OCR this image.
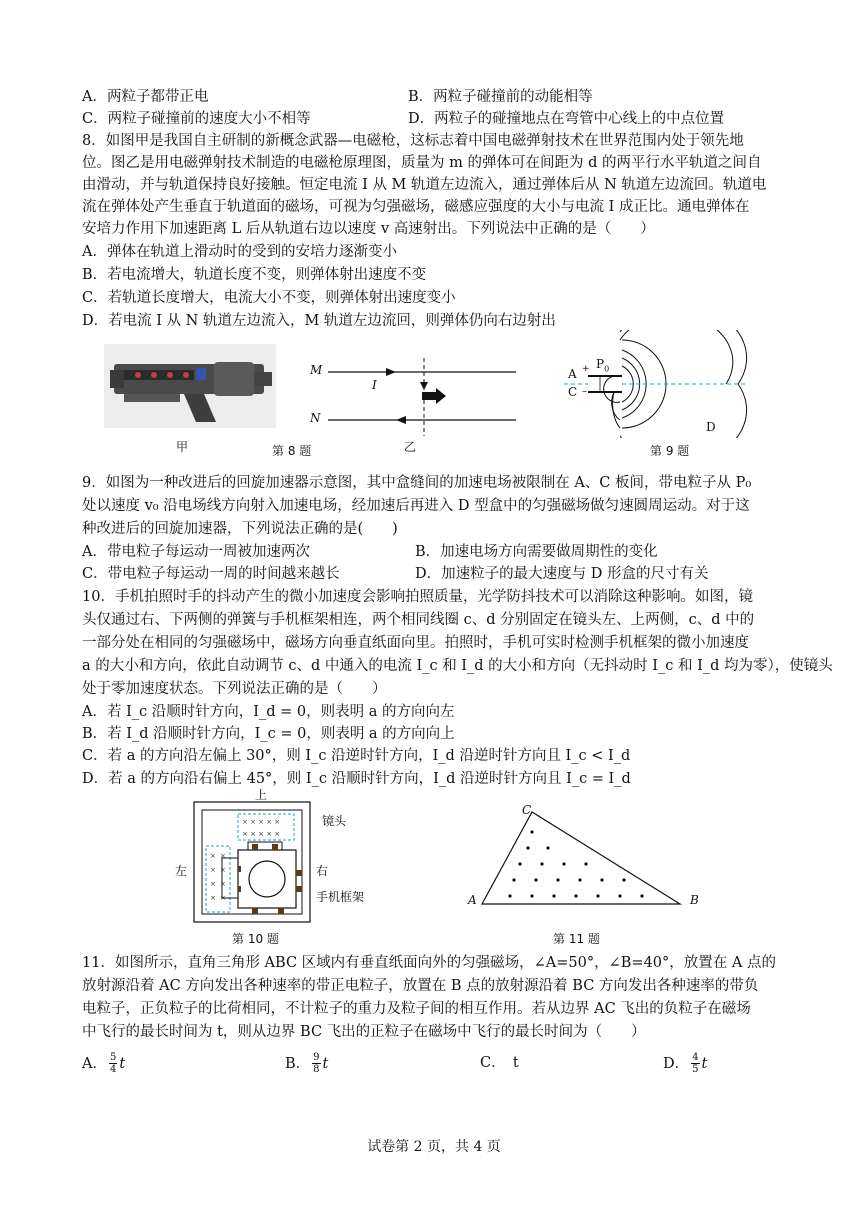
A．两粒子都带正电	B．两粒子碰撞前的动能相等
C．两粒子碰撞前的速度大小不相等	D．两粒子的碰撞地点在弯管中心线上的中点位置
8．如图甲是我国自主研制的新概念武器—电磁枪，这标志着中国电磁弹射技术在世界范围内处于领先地
位。图乙是用电磁弹射技术制造的电磁枪原理图，质量为 m 的弹体可在间距为 d 的两平行水平轨道之间自
由滑动，并与轨道保持良好接触。恒定电流 I 从 M 轨道左边流入，通过弹体后从 N 轨道左边流回。轨道电
流在弹体处产生垂直于轨道面的磁场，可视为匀强磁场，磁感应强度的大小与电流 I 成正比。通电弹体在
安培力作用下加速距离 L 后从轨道右边以速度 v 高速射出。下列说法中正确的是（　　）
A．弹体在轨道上滑动时的受到的安培力逐渐变小
B．若电流增大，轨道长度不变，则弹体射出速度不变
C．若轨道长度增大，电流大小不变，则弹体射出速度变小
D．若电流 I 从 N 轨道左边流入，M 轨道左边流回，则弹体仍向右边射出
甲	第 8 题
M
N
I
乙
A
C
+
–
$P_0$
D
第 9 题
9．如图为一种改进后的回旋加速器示意图，其中盒缝间的加速电场被限制在 A、C 板间，带电粒子从 P₀
处以速度 v₀ 沿电场线方向射入加速电场，经加速后再进入 D 型盒中的匀强磁场做匀速圆周运动。对于这
种改进后的回旋加速器，下列说法正确的是(　　)
A．带电粒子每运动一周被加速两次	B．加速电场方向需要做周期性的变化
C．带电粒子每运动一周的时间越来越长	D．加速粒子的最大速度与 D 形盒的尺寸有关
10．手机拍照时手的抖动产生的微小加速度会影响拍照质量，光学防抖技术可以消除这种影响。如图，镜
头仅通过右、下两侧的弹簧与手机框架相连，两个相同线圈 c、d 分别固定在镜头左、上两侧，c、d 中的
一部分处在相同的匀强磁场中，磁场方向垂直纸面向里。拍照时，手机可实时检测手机框架的微小加速度
a 的大小和方向，依此自动调节 c、d 中通入的电流 I_c 和 I_d 的大小和方向（无抖动时 I_c 和 I_d 均为零），使镜头
处于零加速度状态。下列说法正确的是（　　）
A．若 I_c 沿顺时针方向，I_d = 0，则表明 a 的方向向左
B．若 I_d 沿顺时针方向，I_c = 0，则表明 a 的方向向上
C．若 a 的方向沿左偏上 30°，则 I_c 沿逆时针方向，I_d 沿逆时针方向且 I_c < I_d
D．若 a 的方向沿右偏上 45°，则 I_c 沿顺时针方向，I_d 沿逆时针方向且 I_c = I_d
× × × × ×
× × × × ×
× ×
× ×
× ×
× ×
上
左	右
镜头
手机框架
第 10 题
A	B
C
第 11 题
11．如图所示，直角三角形 ABC 区域内有垂直纸面向外的匀强磁场，∠A=50°，∠B=40°，放置在 A 点的
放射源沿着 AC 方向发出各种速率的带正电粒子，放置在 B 点的放射源沿着 BC 方向发出各种速率的带负
电粒子，正负粒子的比荷相同，不计粒子的重力及粒子间的相互作用。若从边界 AC 飞出的负粒子在磁场
中飞行的最长时间为 t，则从边界 BC 飞出的正粒子在磁场中飞行的最长时间为（　　）
A． 5
4 t	B． 9
8 t	C．　t	D． 4
5 t
试卷第 2 页，共 4 页
